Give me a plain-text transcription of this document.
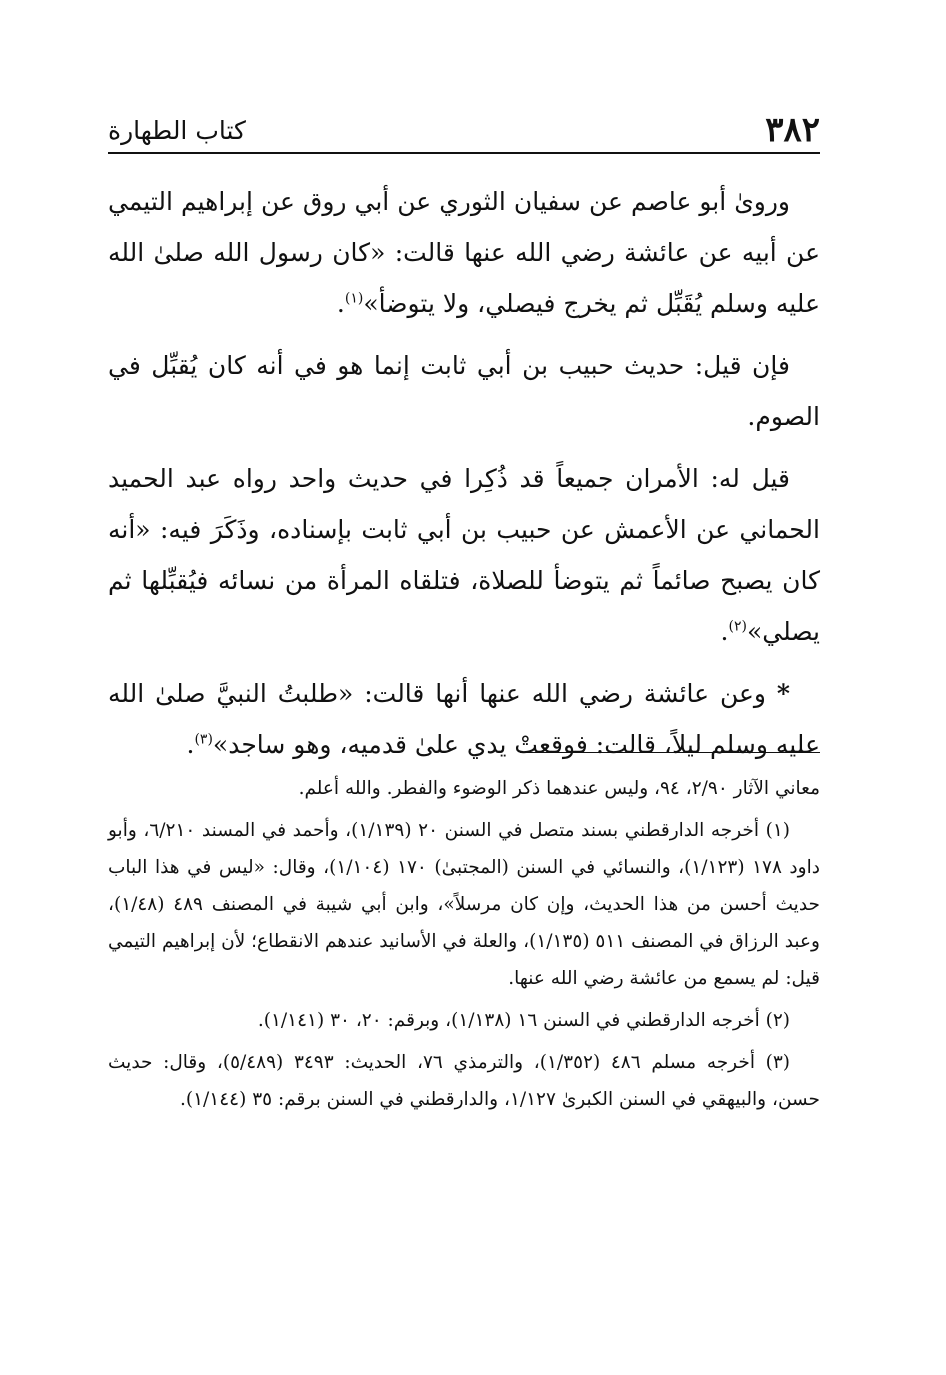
٣٨٢
كتاب الطهارة

ورویٰ أبو عاصم عن سفيان الثوري عن أبي روق عن إبراهيم التيمي عن أبيه عن عائشة رضي الله عنها قالت: «كان رسول الله صلىٰ الله عليه وسلم يُقَبِّل ثم يخرج فيصلي، ولا يتوضأ»$^{(١)}$.

فإن قيل: حديث حبيب بن أبي ثابت إنما هو في أنه كان يُقبِّل في الصوم.

قيل له: الأمران جميعاً قد ذُكِرا في حديث واحد رواه عبد الحميد الحماني عن الأعمش عن حبيب بن أبي ثابت بإسناده، وذَكَرَ فيه: «أنه كان يصبح صائماً ثم يتوضأ للصلاة، فتلقاه المرأة من نسائه فيُقبِّلها ثم يصلي»$^{(٢)}$.

* وعن عائشة رضي الله عنها أنها قالت: «طلبتُ النبيَّ صلىٰ الله عليه وسلم ليلاً، قالت: فوقعتْ يدي علىٰ قدميه، وهو ساجد»$^{(٣)}$.

معاني الآثار ٢/٩٠، ٩٤، وليس عندهما ذكر الوضوء والفطر. والله أعلم.

(١) أخرجه الدارقطني بسند متصل في السنن ٢٠ (١/١٣٩)، وأحمد في المسند ٦/٢١٠، وأبو داود ١٧٨ (١/١٢٣)، والنسائي في السنن (المجتبىٰ) ١٧٠ (١/١٠٤)، وقال: «ليس في هذا الباب حديث أحسن من هذا الحديث، وإن كان مرسلاً»، وابن أبي شيبة في المصنف ٤٨٩ (١/٤٨)، وعبد الرزاق في المصنف ٥١١ (١/١٣٥)، والعلة في الأسانيد عندهم الانقطاع؛ لأن إبراهيم التيمي قيل: لم يسمع من عائشة رضي الله عنها.

(٢) أخرجه الدارقطني في السنن ١٦ (١/١٣٨)، وبرقم: ٢٠، ٣٠ (١/١٤١).

(٣) أخرجه مسلم ٤٨٦ (١/٣٥٢)، والترمذي ٧٦، الحديث: ٣٤٩٣ (٥/٤٨٩)، وقال: حديث حسن، والبيهقي في السنن الكبرىٰ ١/١٢٧، والدارقطني في السنن برقم: ٣٥ (١/١٤٤).
